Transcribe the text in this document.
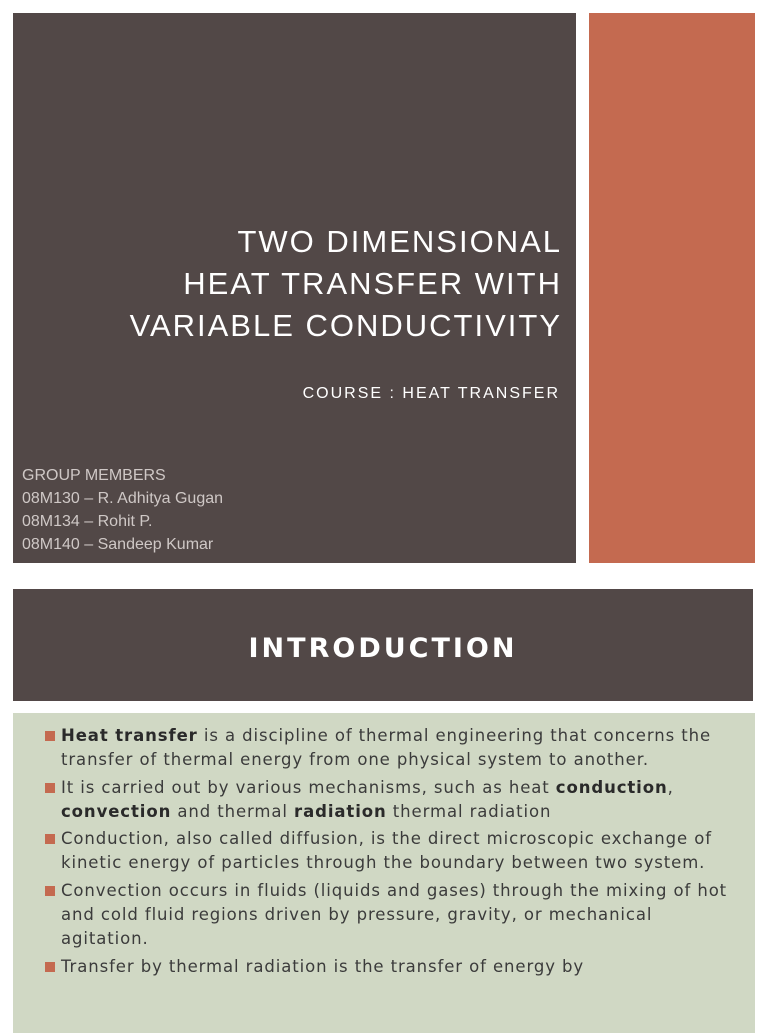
TWO DIMENSIONAL
HEAT TRANSFER WITH
VARIABLE CONDUCTIVITY

COURSE : HEAT TRANSFER

GROUP MEMBERS
08M130 – R. Adhitya Gugan
08M134 – Rohit P.
08M140 – Sandeep Kumar
INTRODUCTION
Heat transfer is a discipline of thermal engineering that concerns the transfer of thermal energy from one physical system to another.
It is carried out by various mechanisms, such as heat conduction, convection and thermal radiation thermal radiation
Conduction, also called diffusion, is the direct microscopic exchange of kinetic energy of particles through the boundary between two system.
Convection occurs in fluids (liquids and gases) through the mixing of hot and cold fluid regions driven by pressure, gravity, or mechanical agitation.
Transfer by thermal radiation is the transfer of energy by
